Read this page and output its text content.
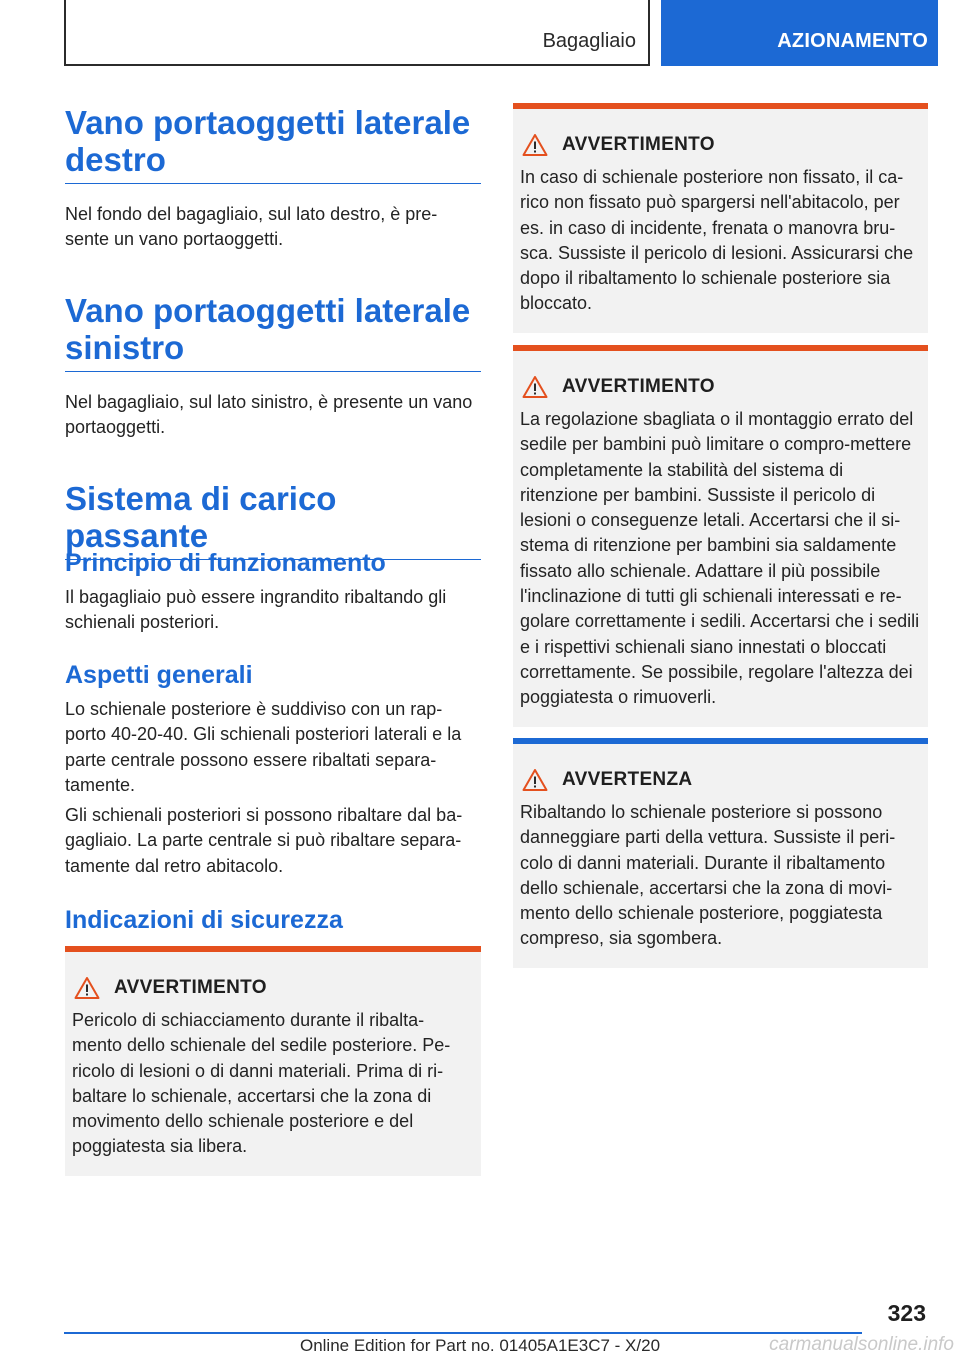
Bagagliaio	AZIONAMENTO
Vano portaoggetti laterale destro

Nel fondo del bagagliaio, sul lato destro, è pre-sente un vano portaoggetti.

Vano portaoggetti laterale sinistro

Nel bagagliaio, sul lato sinistro, è presente un vano portaoggetti.

Sistema di carico passante
Principio di funzionamento

Il bagagliaio può essere ingrandito ribaltando gli schienali posteriori.

Aspetti generali

Lo schienale posteriore è suddiviso con un rap-porto 40-20-40. Gli schienali posteriori laterali e la parte centrale possono essere ribaltati separa-tamente.

Gli schienali posteriori si possono ribaltare dal ba-gagliaio. La parte centrale si può ribaltare separa-tamente dal retro abitacolo.

Indicazioni di sicurezza
AVVERTIMENTO
Pericolo di schiacciamento durante il ribalta-mento dello schienale del sedile posteriore. Pe-ricolo di lesioni o di danni materiali. Prima di ri-baltare lo schienale, accertarsi che la zona di movimento dello schienale posteriore e del poggiatesta sia libera.
AVVERTIMENTO
In caso di schienale posteriore non fissato, il ca-rico non fissato può spargersi nell'abitacolo, per es. in caso di incidente, frenata o manovra bru-sca. Sussiste il pericolo di lesioni. Assicurarsi che dopo il ribaltamento lo schienale posteriore sia bloccato.
AVVERTIMENTO
La regolazione sbagliata o il montaggio errato del sedile per bambini può limitare o compro-mettere completamente la stabilità del sistema di ritenzione per bambini. Sussiste il pericolo di lesioni o conseguenze letali. Accertarsi che il si-stema di ritenzione per bambini sia saldamente fissato allo schienale. Adattare il più possibile l'inclinazione di tutti gli schienali interessati e re-golare correttamente i sedili. Accertarsi che i sedili e i rispettivi schienali siano innestati o bloccati correttamente. Se possibile, regolare l'altezza dei poggiatesta o rimuoverli.
AVVERTENZA
Ribaltando lo schienale posteriore si possono danneggiare parti della vettura. Sussiste il peri-colo di danni materiali. Durante il ribaltamento dello schienale, accertarsi che la zona di movi-mento dello schienale posteriore, poggiatesta compreso, sia sgombera.
323
Online Edition for Part no. 01405A1E3C7 - X/20	carmanualsonline.info
